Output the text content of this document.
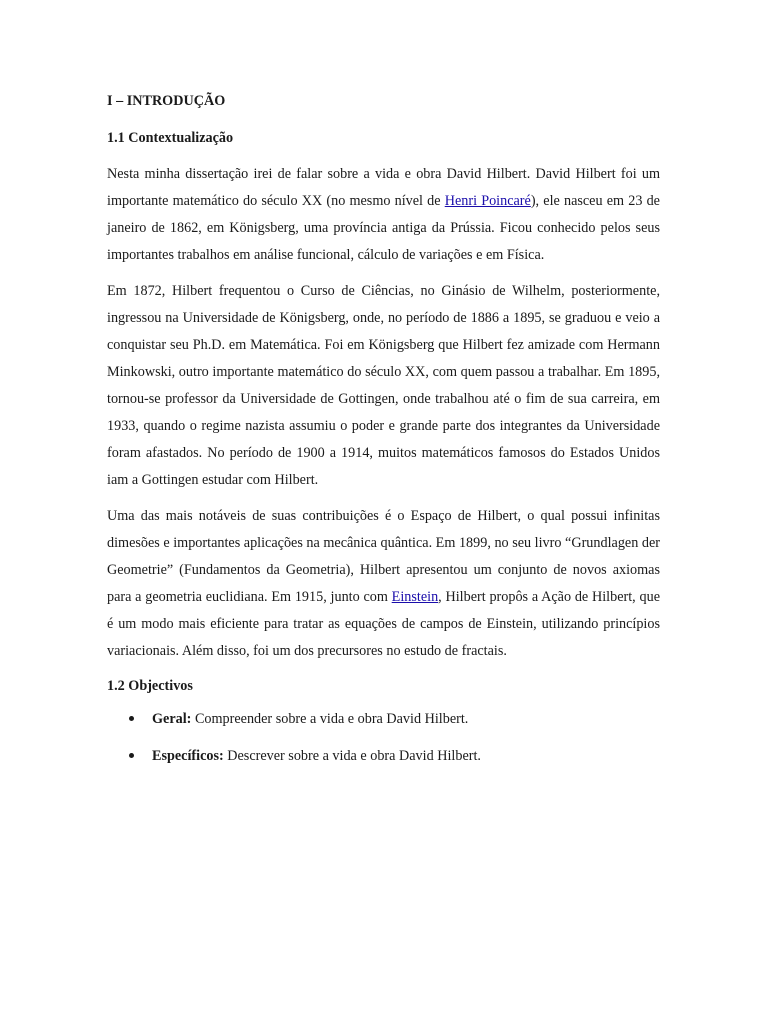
I – INTRODUÇÃO

1.1 Contextualização

Nesta minha dissertação irei de falar sobre a vida e obra David Hilbert. David Hilbert foi um importante matemático do século XX (no mesmo nível de Henri Poincaré), ele nasceu em 23 de janeiro de 1862, em Königsberg, uma província antiga da Prússia. Ficou conhecido pelos seus importantes trabalhos em análise funcional, cálculo de variações e em Física.

Em 1872, Hilbert frequentou o Curso de Ciências, no Ginásio de Wilhelm, posteriormente, ingressou na Universidade de Königsberg, onde, no período de 1886 a 1895, se graduou e veio a conquistar seu Ph.D. em Matemática. Foi em Königsberg que Hilbert fez amizade com Hermann Minkowski, outro importante matemático do século XX, com quem passou a trabalhar. Em 1895, tornou-se professor da Universidade de Gottingen, onde trabalhou até o fim de sua carreira, em 1933, quando o regime nazista assumiu o poder e grande parte dos integrantes da Universidade foram afastados. No período de 1900 a 1914, muitos matemáticos famosos do Estados Unidos iam a Gottingen estudar com Hilbert.

Uma das mais notáveis de suas contribuições é o Espaço de Hilbert, o qual possui infinitas dimesões e importantes aplicações na mecânica quântica. Em 1899, no seu livro “Grundlagen der Geometrie” (Fundamentos da Geometria), Hilbert apresentou um conjunto de novos axiomas para a geometria euclidiana. Em 1915, junto com Einstein, Hilbert propôs a Ação de Hilbert, que é um modo mais eficiente para tratar as equações de campos de Einstein, utilizando princípios variacionais. Além disso, foi um dos precursores no estudo de fractais.

1.2 Objectivos

Geral: Compreender sobre a vida e obra David Hilbert.
Específicos: Descrever sobre a vida e obra David Hilbert.
